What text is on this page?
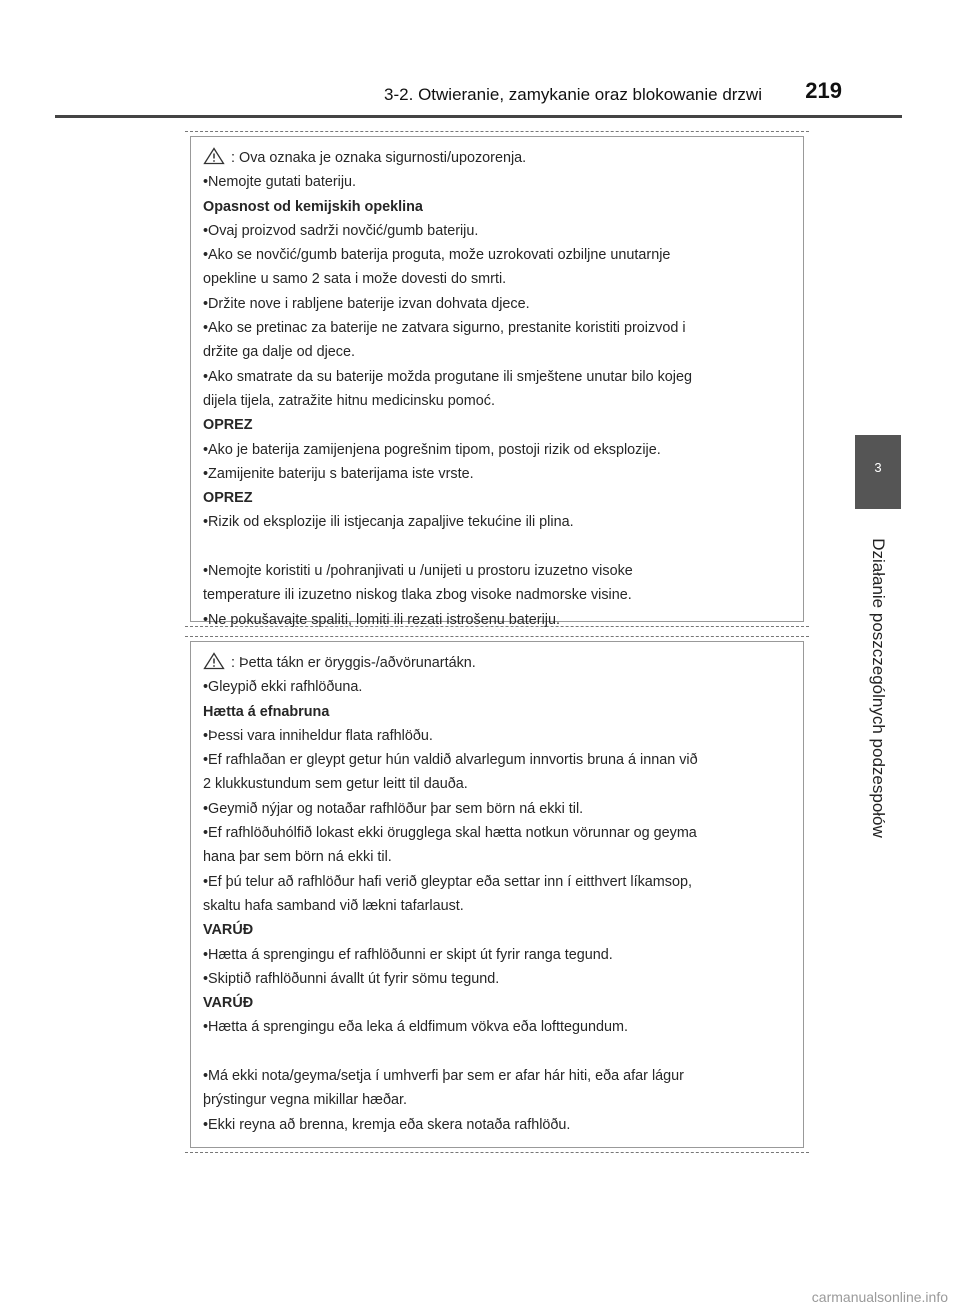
3-2. Otwieranie, zamykanie oraz blokowanie drzwi 219
3
Działanie poszczególnych podzespołów
: Ova oznaka je oznaka sigurnosti/upozorenja.
•Nemojte gutati bateriju.
Opasnost od kemijskih opeklina
•Ovaj proizvod sadrži novčić/gumb bateriju.
•Ako se novčić/gumb baterija proguta, može uzrokovati ozbiljne unutarnje
opekline u samo 2 sata i može dovesti do smrti.
•Držite nove i rabljene baterije izvan dohvata djece.
•Ako se pretinac za baterije ne zatvara sigurno, prestanite koristiti proizvod i
držite ga dalje od djece.
•Ako smatrate da su baterije možda progutane ili smještene unutar bilo kojeg
dijela tijela, zatražite hitnu medicinsku pomoć.
OPREZ
•Ako je baterija zamijenjena pogrešnim tipom, postoji rizik od eksplozije.
•Zamijenite bateriju s baterijama iste vrste.
OPREZ
•Rizik od eksplozije ili istjecanja zapaljive tekućine ili plina.
•Nemojte koristiti u /pohranjivati u /unijeti u prostoru izuzetno visoke
temperature ili izuzetno niskog tlaka zbog visoke nadmorske visine.
•Ne pokušavajte spaliti, lomiti ili rezati istrošenu bateriju.
: Þetta tákn er öryggis-/aðvörunartákn.
•Gleypið ekki rafhlöðuna.
Hætta á efnabruna
•Þessi vara inniheldur flata rafhlöðu.
•Ef rafhlaðan er gleypt getur hún valdið alvarlegum innvortis bruna á innan við
2 klukkustundum sem getur leitt til dauða.
•Geymið nýjar og notaðar rafhlöður þar sem börn ná ekki til.
•Ef rafhlöðuhólfið lokast ekki örugglega skal hætta notkun vörunnar og geyma
hana þar sem börn ná ekki til.
•Ef þú telur að rafhlöður hafi verið gleyptar eða settar inn í eitthvert líkamsop,
skaltu hafa samband við lækni tafarlaust.
VARÚÐ
•Hætta á sprengingu ef rafhlöðunni er skipt út fyrir ranga tegund.
•Skiptið rafhlöðunni ávallt út fyrir sömu tegund.
VARÚÐ
•Hætta á sprengingu eða leka á eldfimum vökva eða lofttegundum.
•Má ekki nota/geyma/setja í umhverfi þar sem er afar hár hiti, eða afar lágur
þrýstingur vegna mikillar hæðar.
•Ekki reyna að brenna, kremja eða skera notaða rafhlöðu.
carmanualsonline.info
